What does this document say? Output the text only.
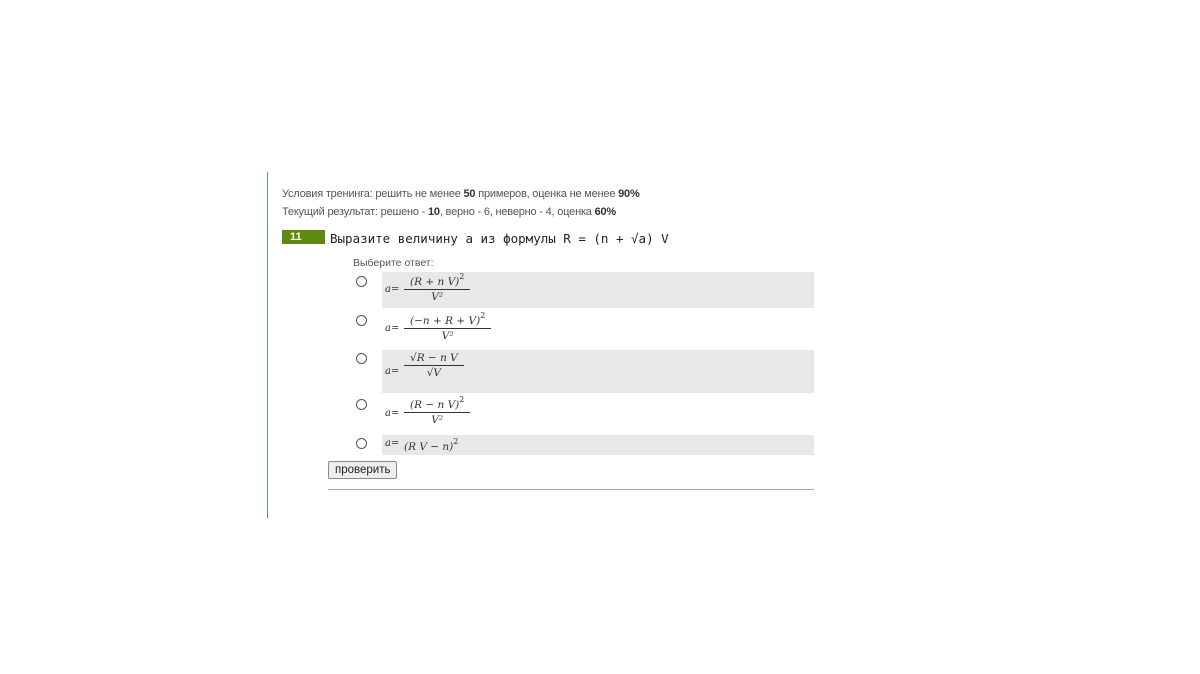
Условия тренинга: решить не менее 50 примеров, оценка не менее 90%
Текущий результат: решено - 10, верно - 6, неверно - 4, оценка 60%
11	Выразите величину a из формулы R = (n + √a) V
Выберите ответ:
$a= \frac{(R + n V)^2}{\text{V²}}$
$a= \frac{(-n + R + V)^2}{\text{V²}}$
$a= \frac{\text{√R − n V}}{√V}$
$a= \frac{(R - n V)^2}{\text{V²}}$
a= (R V − n)$^2$
проверить
